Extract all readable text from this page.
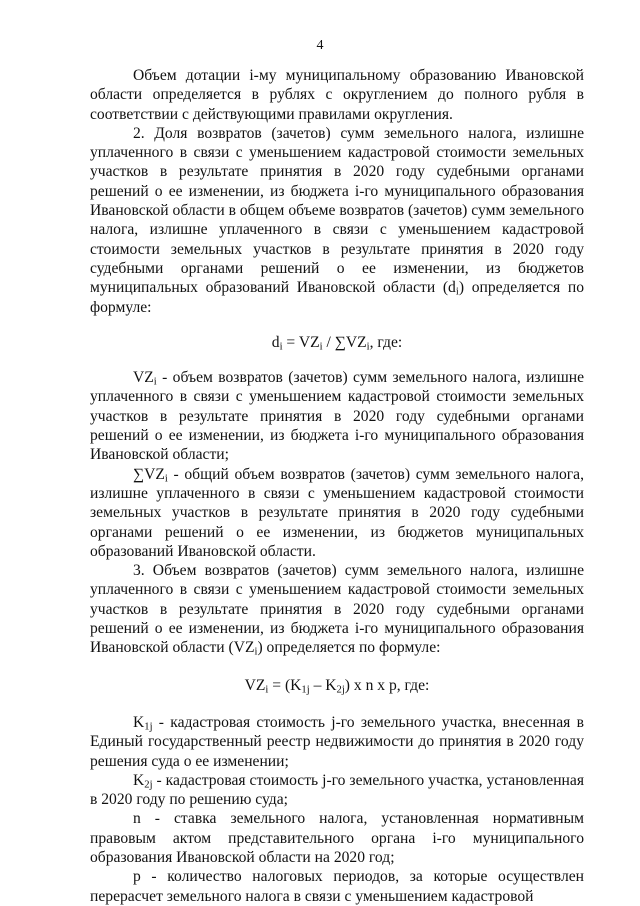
4

Объем дотации i-му муниципальному образованию Ивановской области определяется в рублях с округлением до полного рубля в соответствии с действующими правилами округления.

2. Доля возвратов (зачетов) сумм земельного налога, излишне уплаченного в связи с уменьшением кадастровой стоимости земельных участков в результате принятия в 2020 году судебными органами решений о ее изменении, из бюджета i-го муниципального образования Ивановской области в общем объеме возвратов (зачетов) сумм земельного налога, излишне уплаченного в связи с уменьшением кадастровой стоимости земельных участков в результате принятия в 2020 году судебными органами решений о ее изменении, из бюджетов муниципальных образований Ивановской области $(d_i)$ определяется по формуле:

$d_i = VZ_i / \sum VZ_i$, где:

$VZ_i$ - объем возвратов (зачетов) сумм земельного налога, излишне уплаченного в связи с уменьшением кадастровой стоимости земельных участков в результате принятия в 2020 году судебными органами решений о ее изменении, из бюджета i-го муниципального образования Ивановской области;

$\sum VZ_i$ - общий объем возвратов (зачетов) сумм земельного налога, излишне уплаченного в связи с уменьшением кадастровой стоимости земельных участков в результате принятия в 2020 году судебными органами решений о ее изменении, из бюджетов муниципальных образований Ивановской области.

3. Объем возвратов (зачетов) сумм земельного налога, излишне уплаченного в связи с уменьшением кадастровой стоимости земельных участков в результате принятия в 2020 году судебными органами решений о ее изменении, из бюджета i-го муниципального образования Ивановской области $(VZ_i)$ определяется по формуле:

$VZ_i = (K_{1j} - K_{2j})$ x n x p, где:

$K_{1j}$ - кадастровая стоимость j-го земельного участка, внесенная в Единый государственный реестр недвижимости до принятия в 2020 году решения суда о ее изменении;

$K_{2j}$ - кадастровая стоимость j-го земельного участка, установленная в 2020 году по решению суда;

n - ставка земельного налога, установленная нормативным правовым актом представительного органа i-го муниципального образования Ивановской области на 2020 год;

p - количество налоговых периодов, за которые осуществлен перерасчет земельного налога в связи с уменьшением кадастровой
